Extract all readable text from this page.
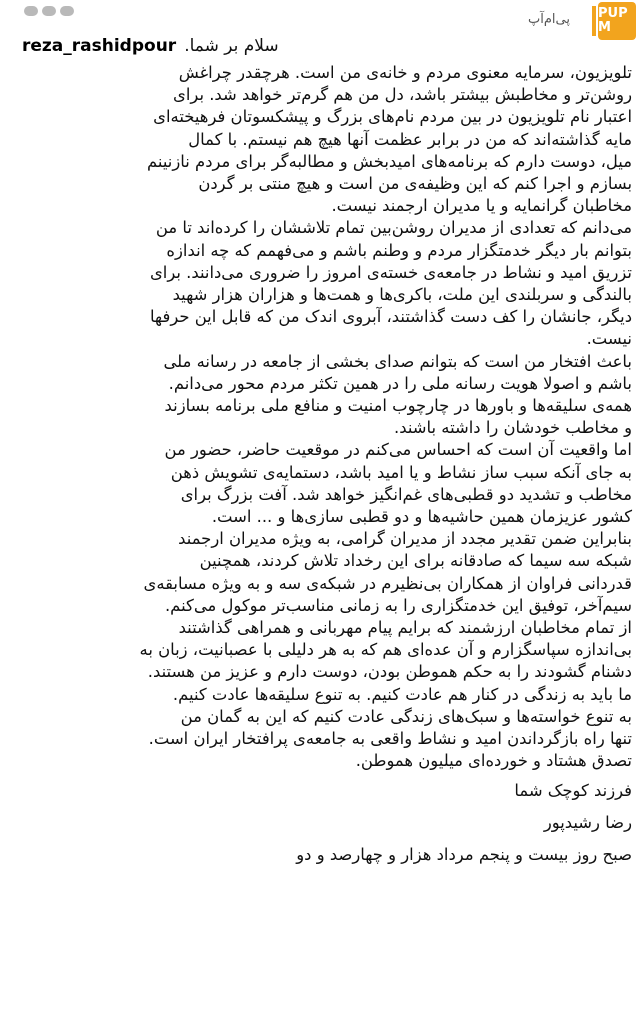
پی‌ام‌آپ PUP M
reza_rashidpour سلام بر شما.
تلویزیون، سرمایه معنوی مردم و خانه‌ی من است. هرچقدر چراغش
روشن‌تر و مخاطبش بیشتر باشد، دل من هم گرم‌تر خواهد شد. برای
اعتبار نام تلویزیون در بین مردم نام‌های بزرگ و پیشکسوتان فرهیخته‌ای
مایه گذاشته‌اند که من در برابر عظمت آنها هیچ هم نیستم. با کمال
میل، دوست دارم که برنامه‌های امیدبخش و مطالبه‌گر برای مردم نازنینم
بسازم و اجرا کنم که این وظیفه‌ی من است و هیچ منتی بر گردن
مخاطبان گرانمایه و یا مدیران ارجمند نیست.
می‌دانم که تعدادی از مدیران روشن‌بین تمام تلاششان را کرده‌اند تا من
بتوانم بار دیگر خدمتگزار مردم و وطنم باشم و می‌فهمم که چه اندازه
تزریق امید و نشاط در جامعه‌ی خسته‌ی امروز را ضروری می‌دانند. برای
بالندگی و سربلندی این ملت، باکری‌ها و همت‌ها و هزاران هزار شهید
دیگر، جانشان را کف دست گذاشتند، آبروی اندک من که قابل این حرفها
نیست.
باعث افتخار من است که بتوانم صدای بخشی از جامعه در رسانه ملی
باشم و اصولا هویت رسانه ملی را در همین تکثر مردم محور می‌دانم.
همه‌ی سلیقه‌ها و باورها در چارچوب امنیت و منافع ملی برنامه بسازند
و مخاطب خودشان را داشته باشند.
اما واقعیت آن است که احساس می‌کنم در موقعیت حاضر، حضور من
به جای آنکه سبب ساز نشاط و یا امید باشد، دستمایه‌ی تشویش ذهن
مخاطب و تشدید دو قطبی‌های غم‌انگیز خواهد شد. آفت بزرگ برای
کشور عزیزمان همین حاشیه‌ها و دو قطبی سازی‌ها و ... است.
بنابراین ضمن تقدیر مجدد از مدیران گرامی، به ویژه مدیران ارجمند
شبکه سه سیما که صادقانه برای این رخداد تلاش کردند، همچنین
قدردانی فراوان از همکاران بی‌نظیرم در شبکه‌ی سه و به ویژه مسابقه‌ی
سیم‌آخر، توفیق این خدمتگزاری را به زمانی مناسب‌تر موکول می‌کنم.
از تمام مخاطبان ارزشمند که برایم پیام مهربانی و همراهی گذاشتند
بی‌اندازه سپاسگزارم و آن عده‌ای هم که به هر دلیلی با عصبانیت، زبان به
دشنام گشودند را به حکم هموطن بودن، دوست دارم و عزیز من هستند.
ما باید به زندگی در کنار هم عادت کنیم. به تنوع سلیقه‌ها عادت کنیم.
به تنوع خواسته‌ها و سبک‌های زندگی عادت کنیم که این به گمان من
تنها راه بازگرداندن امید و نشاط واقعی به جامعه‌ی پرافتخار ایران است.
تصدق هشتاد و خورده‌ای میلیون هموطن.
فرزند کوچک شما
رضا رشیدپور
صبح روز بیست و پنجم مرداد هزار و چهارصد و دو
